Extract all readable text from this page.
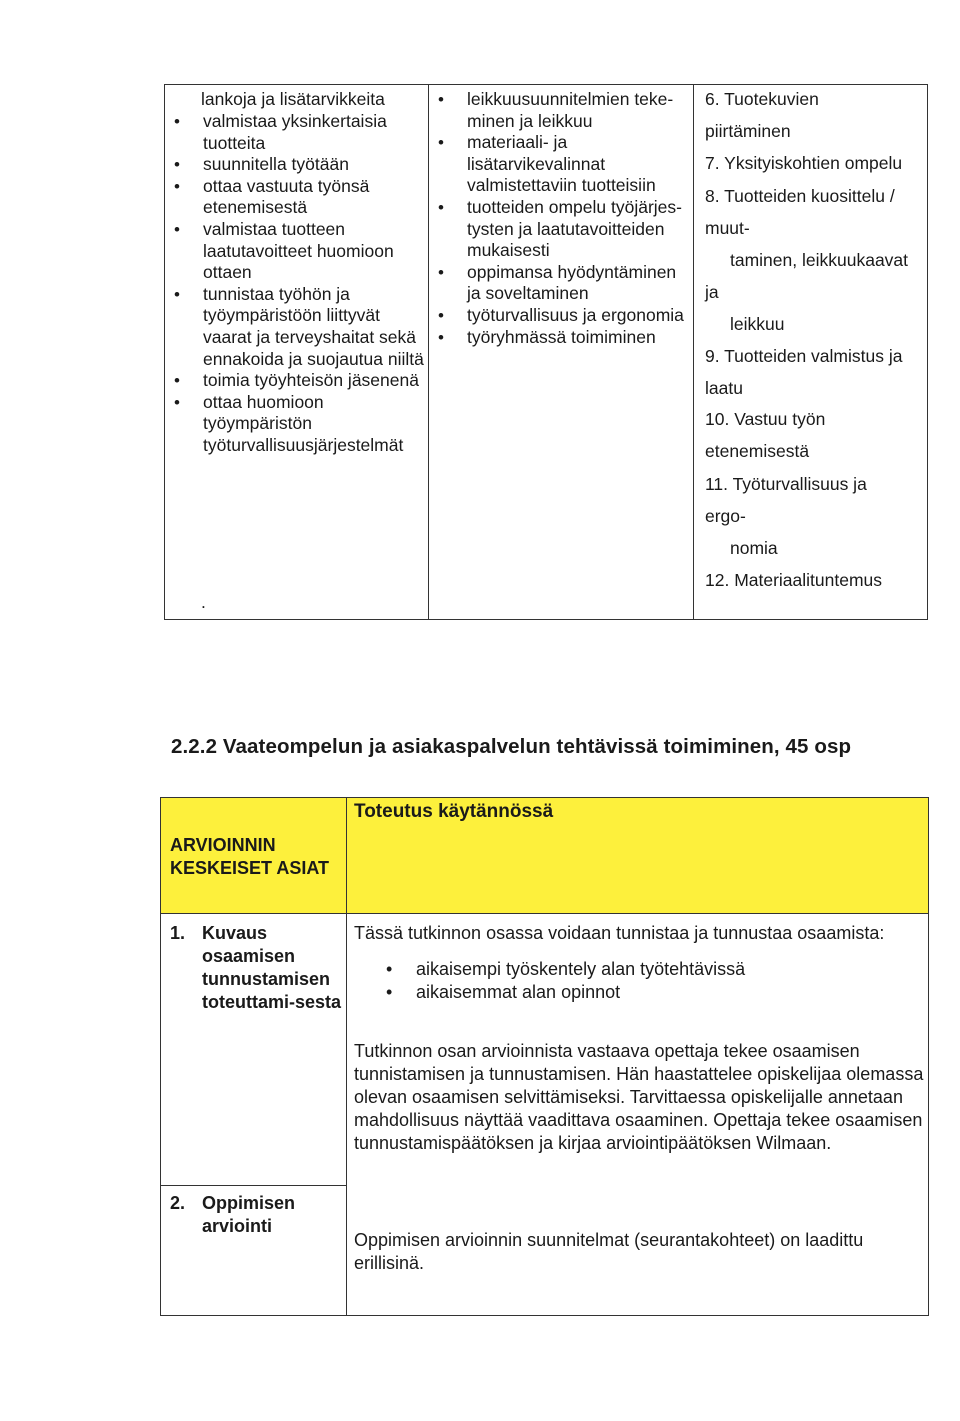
lankoja ja lisätarvikkeita

• valmistaa yksinkertaisia tuotteita
• suunnitella työtään
• ottaa vastuuta työnsä etenemisestä
• valmistaa tuotteen laatutavoitteet huomioon ottaen
• tunnistaa työhön ja työympäristöön liittyvät vaarat ja terveyshaitat sekä ennakoida ja suojautua niiltä
• toimia työyhteisön jäsenenä
• ottaa huomioon työympäristön työturvallisuusjärjestelmät

.

• leikkuusuunnitelmien teke-minen ja leikkuu
• materiaali- ja lisätarvikevalinnat valmistettaviin tuotteisiin
• tuotteiden ompelu työjärjes-tysten ja laatutavoitteiden mukaisesti
• oppimansa hyödyntäminen ja soveltaminen
• työturvallisuus ja ergonomia
• työryhmässä toimiminen

6. Tuotekuvien

piirtäminen

7. Yksityiskohtien ompelu

8. Tuotteiden kuosittelu /

muut-

taminen, leikkuukaavat

ja

leikkuu

9. Tuotteiden valmistus ja

laatu

10. Vastuu työn

etenemisestä

11. Työturvallisuus ja

ergo-

nomia

12. Materiaalituntemus

2.2.2 Vaateompelun ja asiakaspalvelun tehtävissä toimiminen, 45 osp

ARVIOINNIN KESKEISET ASIAT

Toteutus käytännössä

1. Kuvaus osaamisen tunnustamisen toteuttami-sesta

Tässä tutkinnon osassa voidaan tunnistaa ja tunnustaa osaamista:

• aikaisempi työskentely alan työtehtävissä
• aikaisemmat alan opinnot

Tutkinnon osan arvioinnista vastaava opettaja tekee osaamisen tunnistamisen ja tunnustamisen. Hän haastattelee opiskelijaa olemassa olevan osaamisen selvittämiseksi. Tarvittaessa opiskelijalle annetaan mahdollisuus näyttää vaadittava osaaminen. Opettaja tekee osaamisen tunnustamispäätöksen ja kirjaa arviointipäätöksen Wilmaan.

2. Oppimisen arviointi

Oppimisen arvioinnin suunnitelmat (seurantakohteet) on laadittu erillisinä.
